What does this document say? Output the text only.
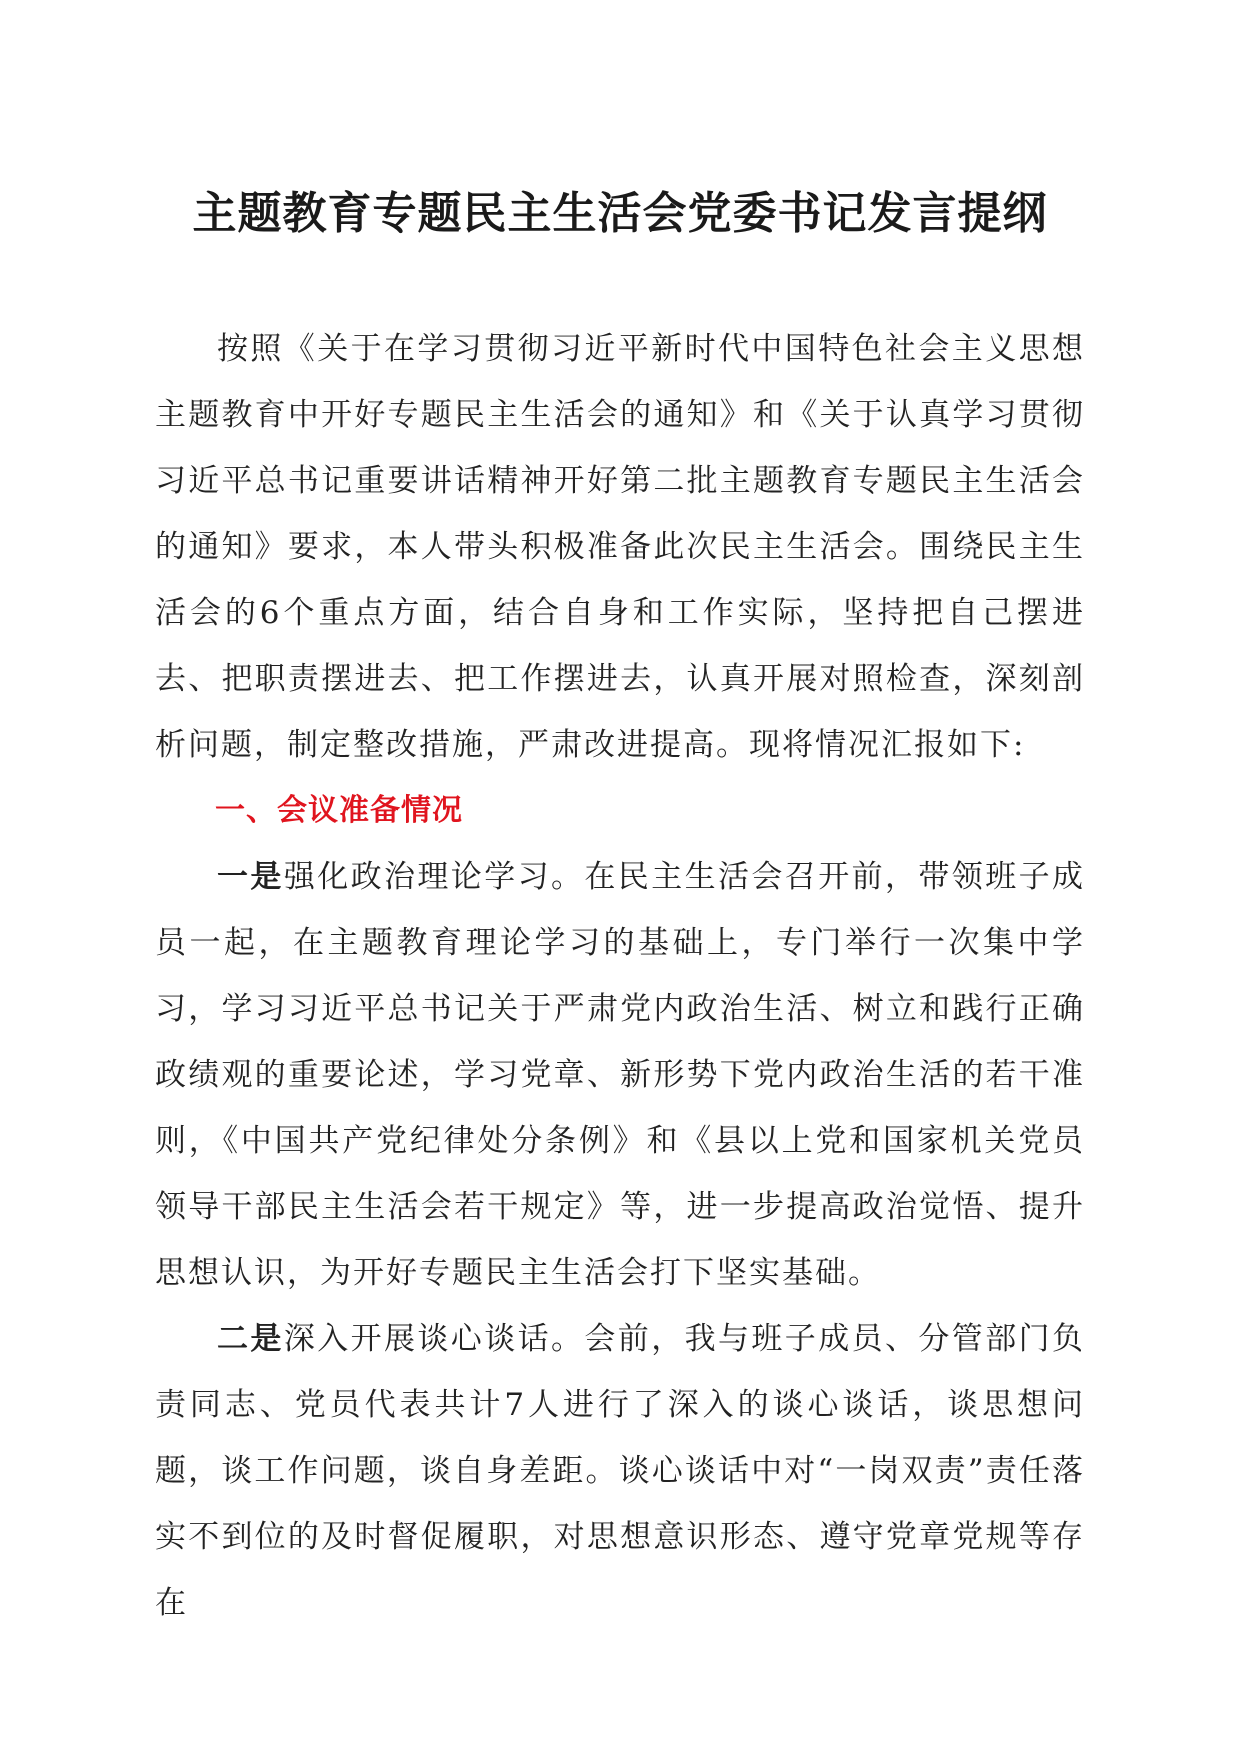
主题教育专题民主生活会党委书记发言提纲

按照《关于在学习贯彻习近平新时代中国特色社会主义思想主题教育中开好专题民主生活会的通知》和《关于认真学习贯彻习近平总书记重要讲话精神开好第二批主题教育专题民主生活会的通知》要求，本人带头积极准备此次民主生活会。围绕民主生活会的6个重点方面，结合自身和工作实际，坚持把自己摆进去、把职责摆进去、把工作摆进去，认真开展对照检查，深刻剖析问题，制定整改措施，严肃改进提高。现将情况汇报如下:

一、会议准备情况

一是强化政治理论学习。在民主生活会召开前，带领班子成员一起，在主题教育理论学习的基础上，专门举行一次集中学习，学习习近平总书记关于严肃党内政治生活、树立和践行正确政绩观的重要论述，学习党章、新形势下党内政治生活的若干准则，《中国共产党纪律处分条例》和《县以上党和国家机关党员领导干部民主生活会若干规定》等，进一步提高政治觉悟、提升思想认识，为开好专题民主生活会打下坚实基础。

二是深入开展谈心谈话。会前，我与班子成员、分管部门负责同志、党员代表共计7人进行了深入的谈心谈话，谈思想问题，谈工作问题，谈自身差距。谈心谈话中对“一岗双责”责任落实不到位的及时督促履职，对思想意识形态、遵守党章党规等存在
